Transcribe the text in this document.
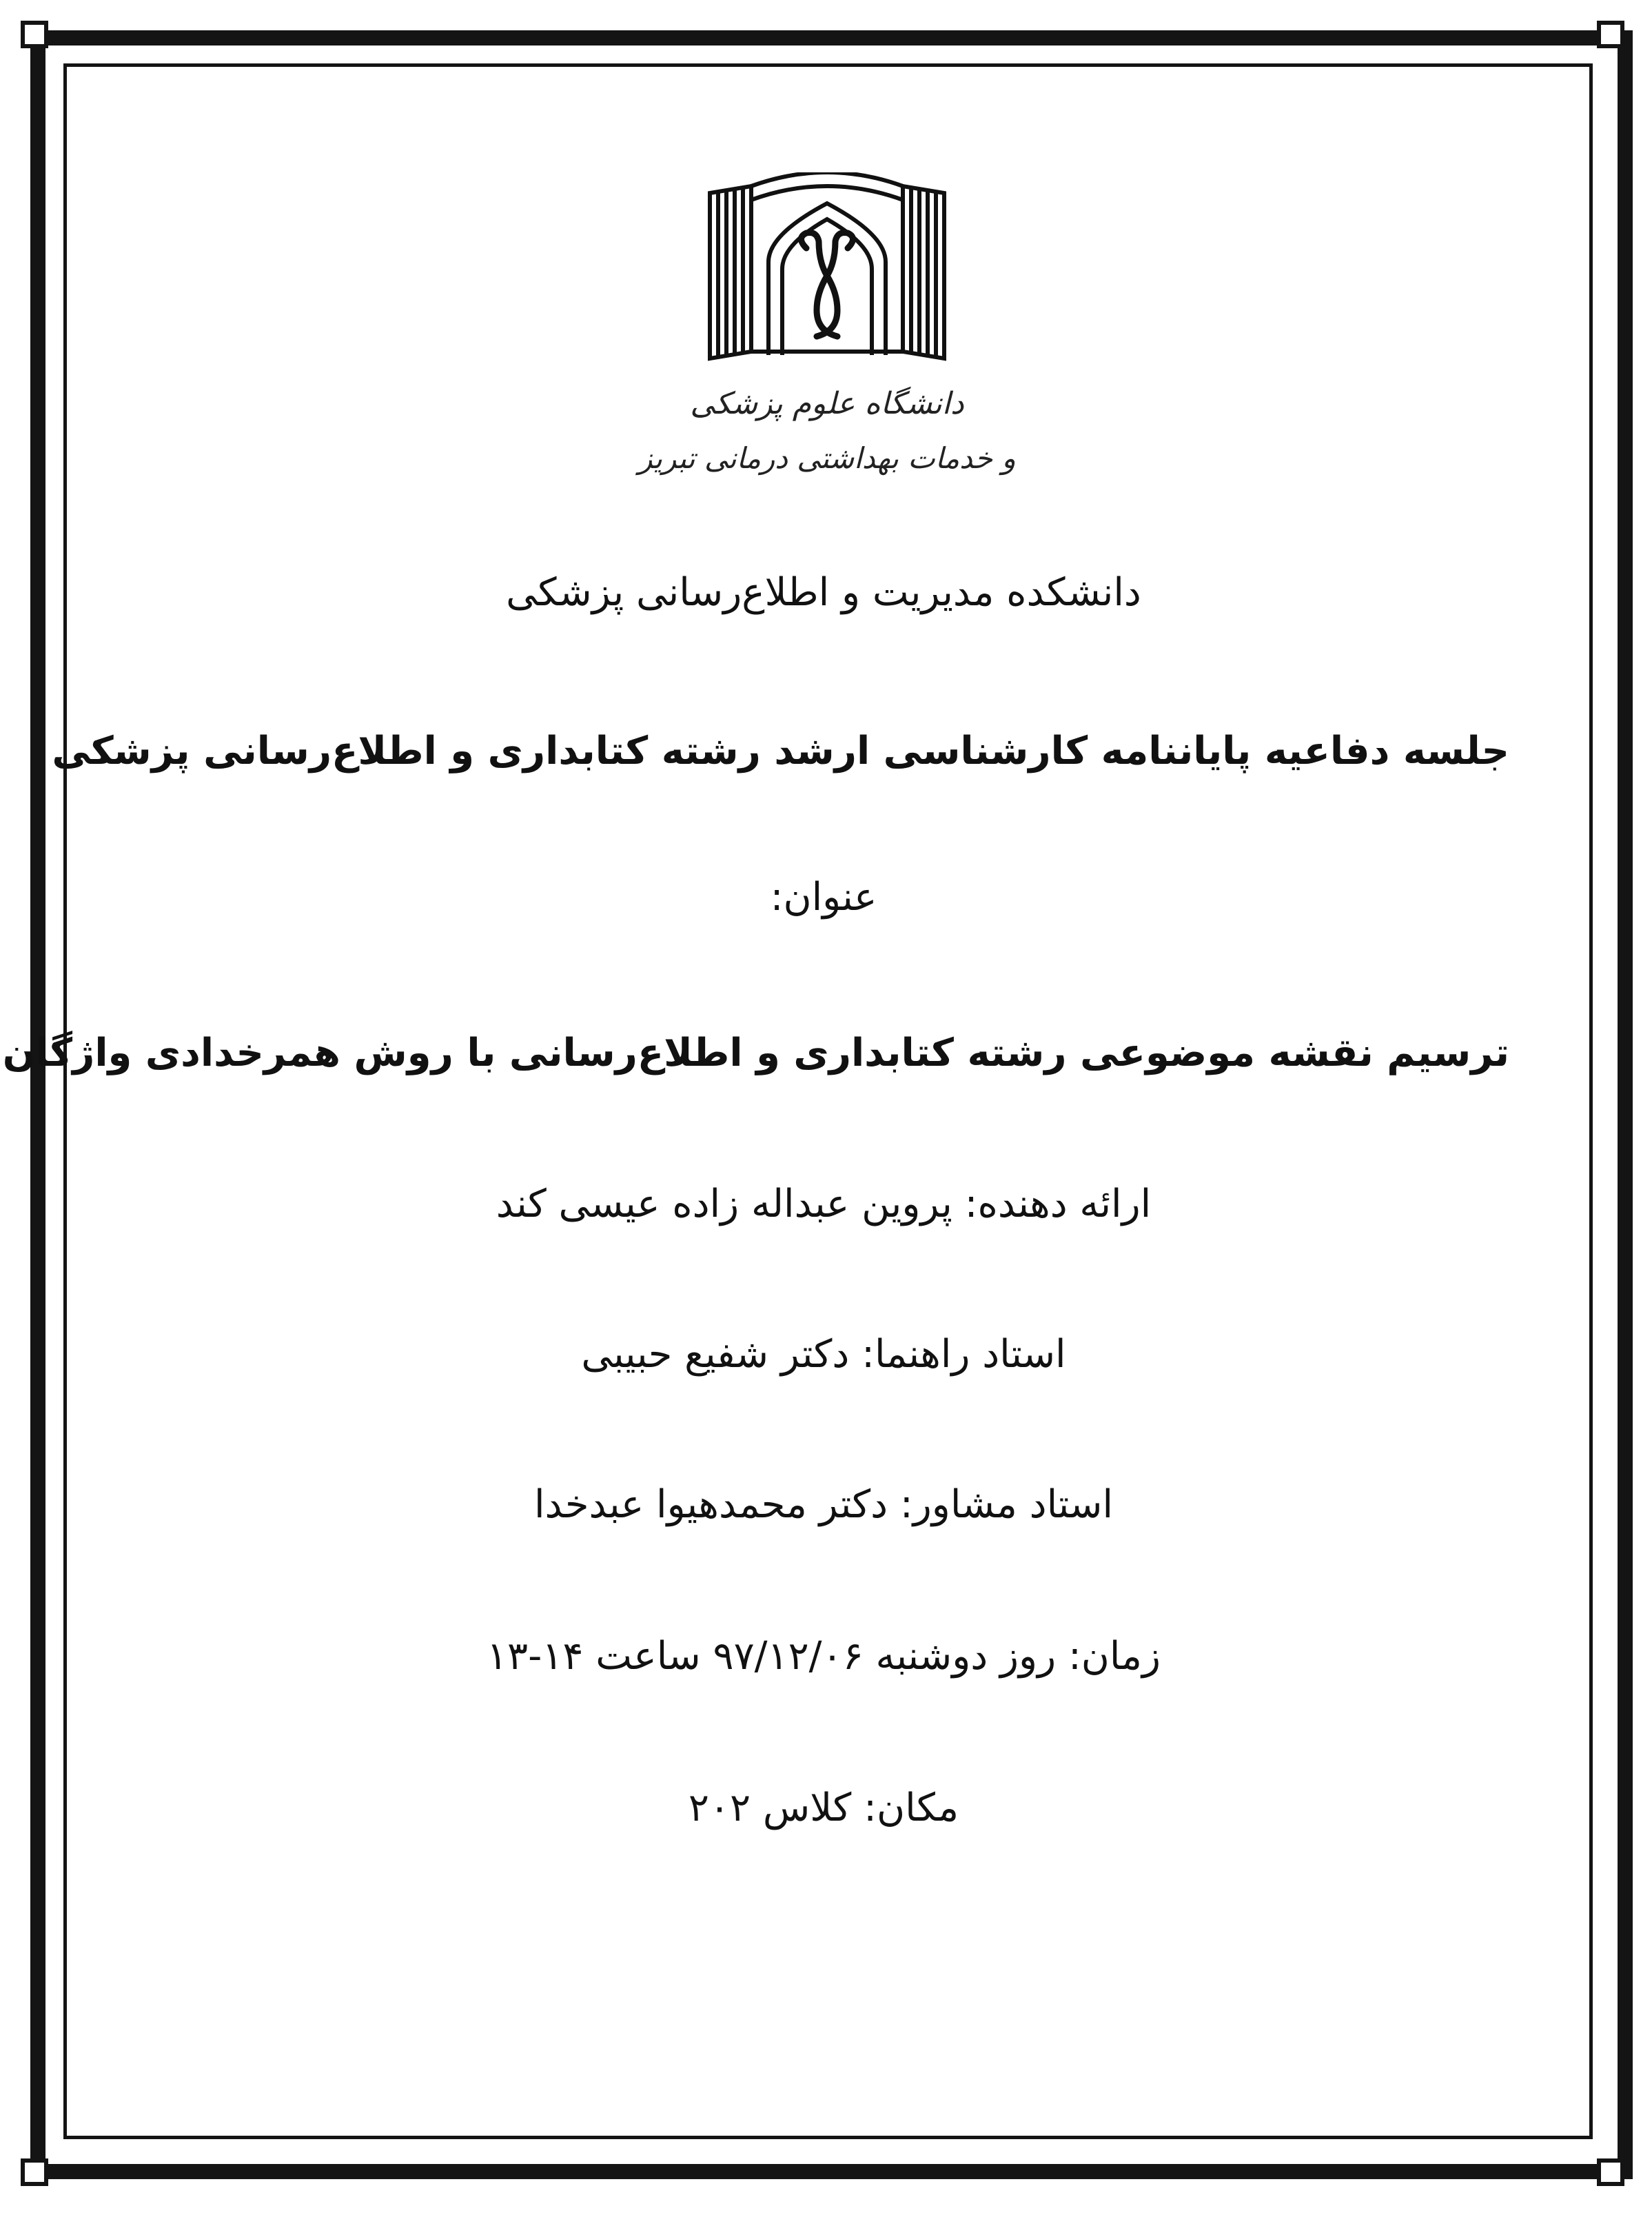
دانشگاه علوم پزشکی
و خدمات بهداشتی درمانی تبریز
دانشکده مدیریت و اطلاع‌رسانی پزشکی
جلسه دفاعیه پایاننامه کارشناسی ارشد رشته کتابداری و اطلاع‌رسانی پزشکی
عنوان:
ترسیم نقشه موضوعی رشته کتابداری و اطلاع‌رسانی با روش همرخدادی واژگان
ارائه دهنده: پروین عبداله زاده عیسی کند
استاد راهنما: دکتر شفیع حبیبی
استاد مشاور: دکتر محمدهیوا عبدخدا
زمان: روز دوشنبه ۹۷/۱۲/۰۶ ساعت ۱۴-۱۳
مکان: کلاس ۲۰۲
